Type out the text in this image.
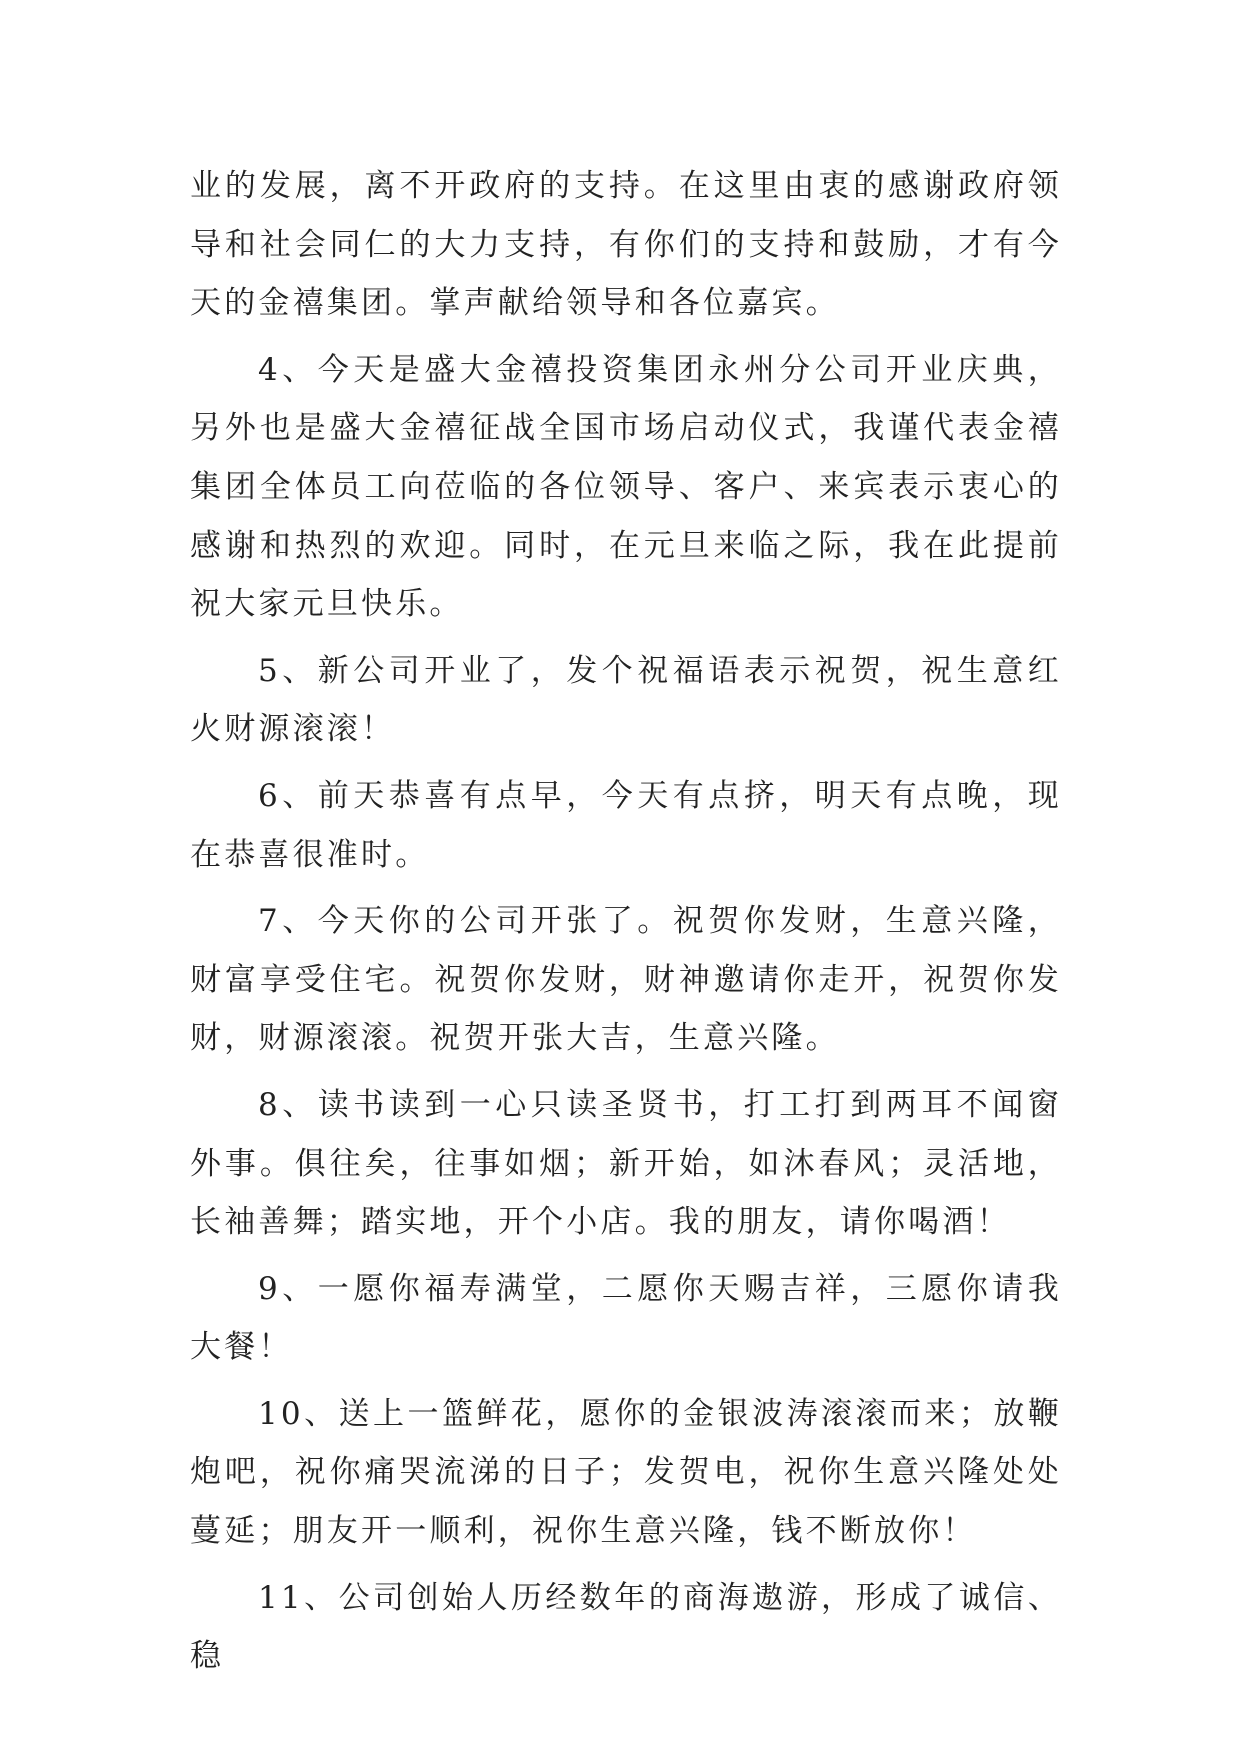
业的发展，离不开政府的支持。在这里由衷的感谢政府领导和社会同仁的大力支持，有你们的支持和鼓励，才有今天的金禧集团。掌声献给领导和各位嘉宾。

4、今天是盛大金禧投资集团永州分公司开业庆典，另外也是盛大金禧征战全国市场启动仪式，我谨代表金禧集团全体员工向莅临的各位领导、客户、来宾表示衷心的感谢和热烈的欢迎。同时，在元旦来临之际，我在此提前祝大家元旦快乐。

5、新公司开业了，发个祝福语表示祝贺，祝生意红火财源滚滚！

6、前天恭喜有点早，今天有点挤，明天有点晚，现在恭喜很准时。

7、今天你的公司开张了。祝贺你发财，生意兴隆，财富享受住宅。祝贺你发财，财神邀请你走开，祝贺你发财，财源滚滚。祝贺开张大吉，生意兴隆。

8、读书读到一心只读圣贤书，打工打到两耳不闻窗外事。俱往矣，往事如烟；新开始，如沐春风；灵活地，长袖善舞；踏实地，开个小店。我的朋友，请你喝酒！

9、一愿你福寿满堂，二愿你天赐吉祥，三愿你请我大餐！

10、送上一篮鲜花，愿你的金银波涛滚滚而来；放鞭炮吧，祝你痛哭流涕的日子；发贺电，祝你生意兴隆处处蔓延；朋友开一顺利，祝你生意兴隆，钱不断放你！

11、公司创始人历经数年的商海遨游，形成了诚信、稳
